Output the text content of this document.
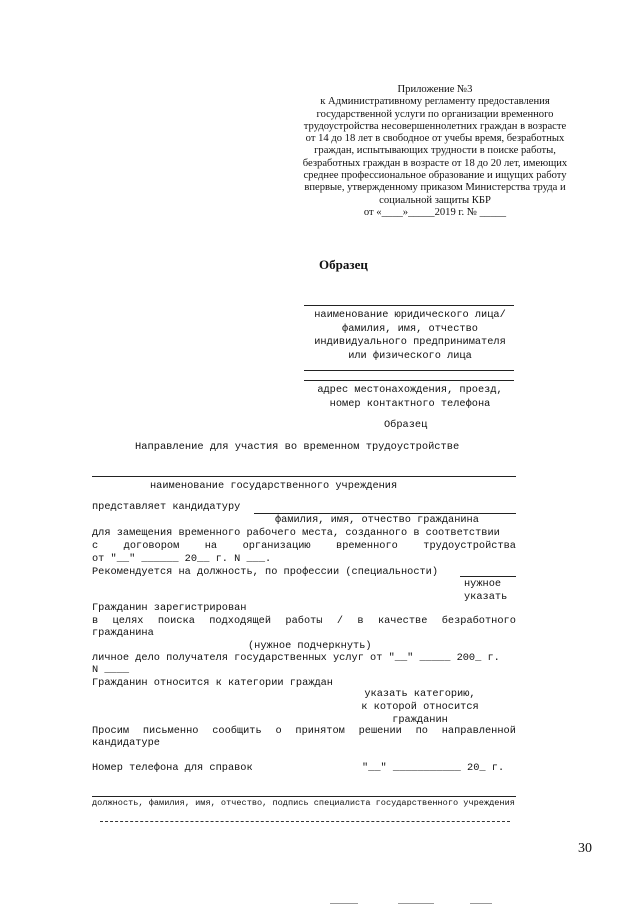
Приложение №3
к Административному регламенту предоставления
государственной услуги по организации временного
трудоустройства несовершеннолетних граждан в возрасте
от 14 до 18 лет в свободное от учебы время, безработных
граждан, испытывающих трудности в поиске работы,
безработных граждан в возрасте от 18 до 20 лет, имеющих
среднее профессиональное образование и ищущих работу
впервые, утвержденному приказом Министерства труда и
социальной защиты КБР
от «____»_____2019 г. № _____
Образец
наименование юридического лица/
фамилия, имя, отчество
индивидуального предпринимателя
или физического лица
адрес местонахождения, проезд,
номер контактного телефона
Образец
Направление для участия во временном трудоустройстве
наименование государственного учреждения
представляет кандидатуру
фамилия, имя, отчество гражданина
для замещения временного рабочего места, созданного в соответствии
с договором на организацию временного трудоустройства
от "__" ______ 20__ г. N ___.
Рекомендуется на должность, по профессии (специальности)
нужное
указать
Гражданин зарегистрирован
в целях поиска подходящей работы / в качестве безработного
гражданина
(нужное подчеркнуть)
личное дело получателя государственных услуг от "__" _____ 200_ г.
N ____
Гражданин относится к категории граждан
указать категорию,
к которой относится
гражданин
Просим письменно сообщить о принятом решении по направленной
кандидатуре
Номер телефона для справок	"__" ___________ 20_ г.
должность, фамилия, имя, отчество, подпись специалиста государственного учреждения
30
